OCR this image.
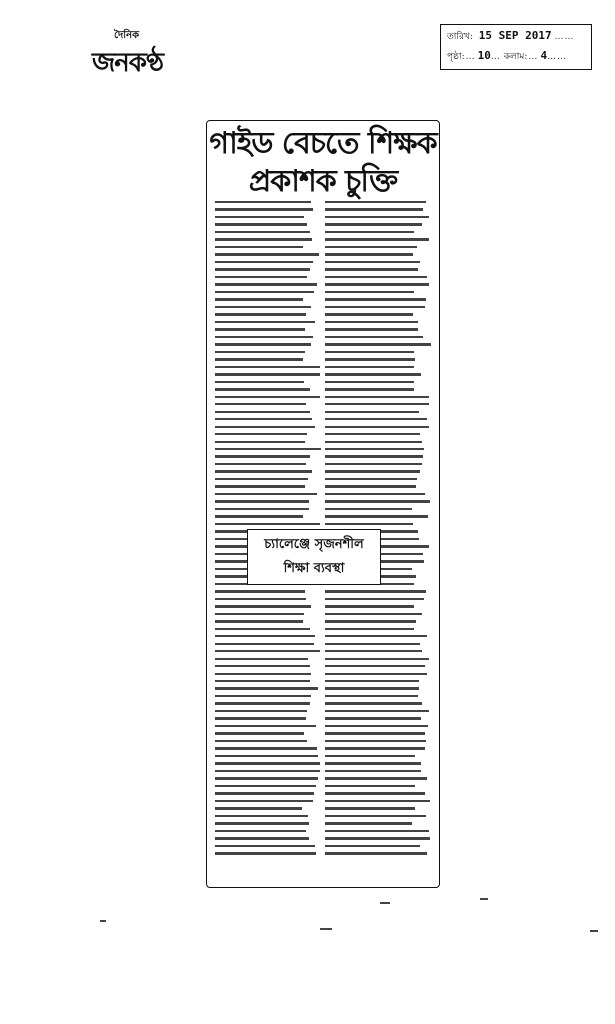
দৈনিক
জনকণ্ঠ
তারিখ: 15 SEP 2017 ……
পৃষ্ঠা:… 10… কলাম:… 4……
গাইড বেচতে শিক্ষক
প্রকাশক চুক্তি
চ্যালেঞ্জে সৃজনশীল
শিক্ষা ব্যবস্থা
